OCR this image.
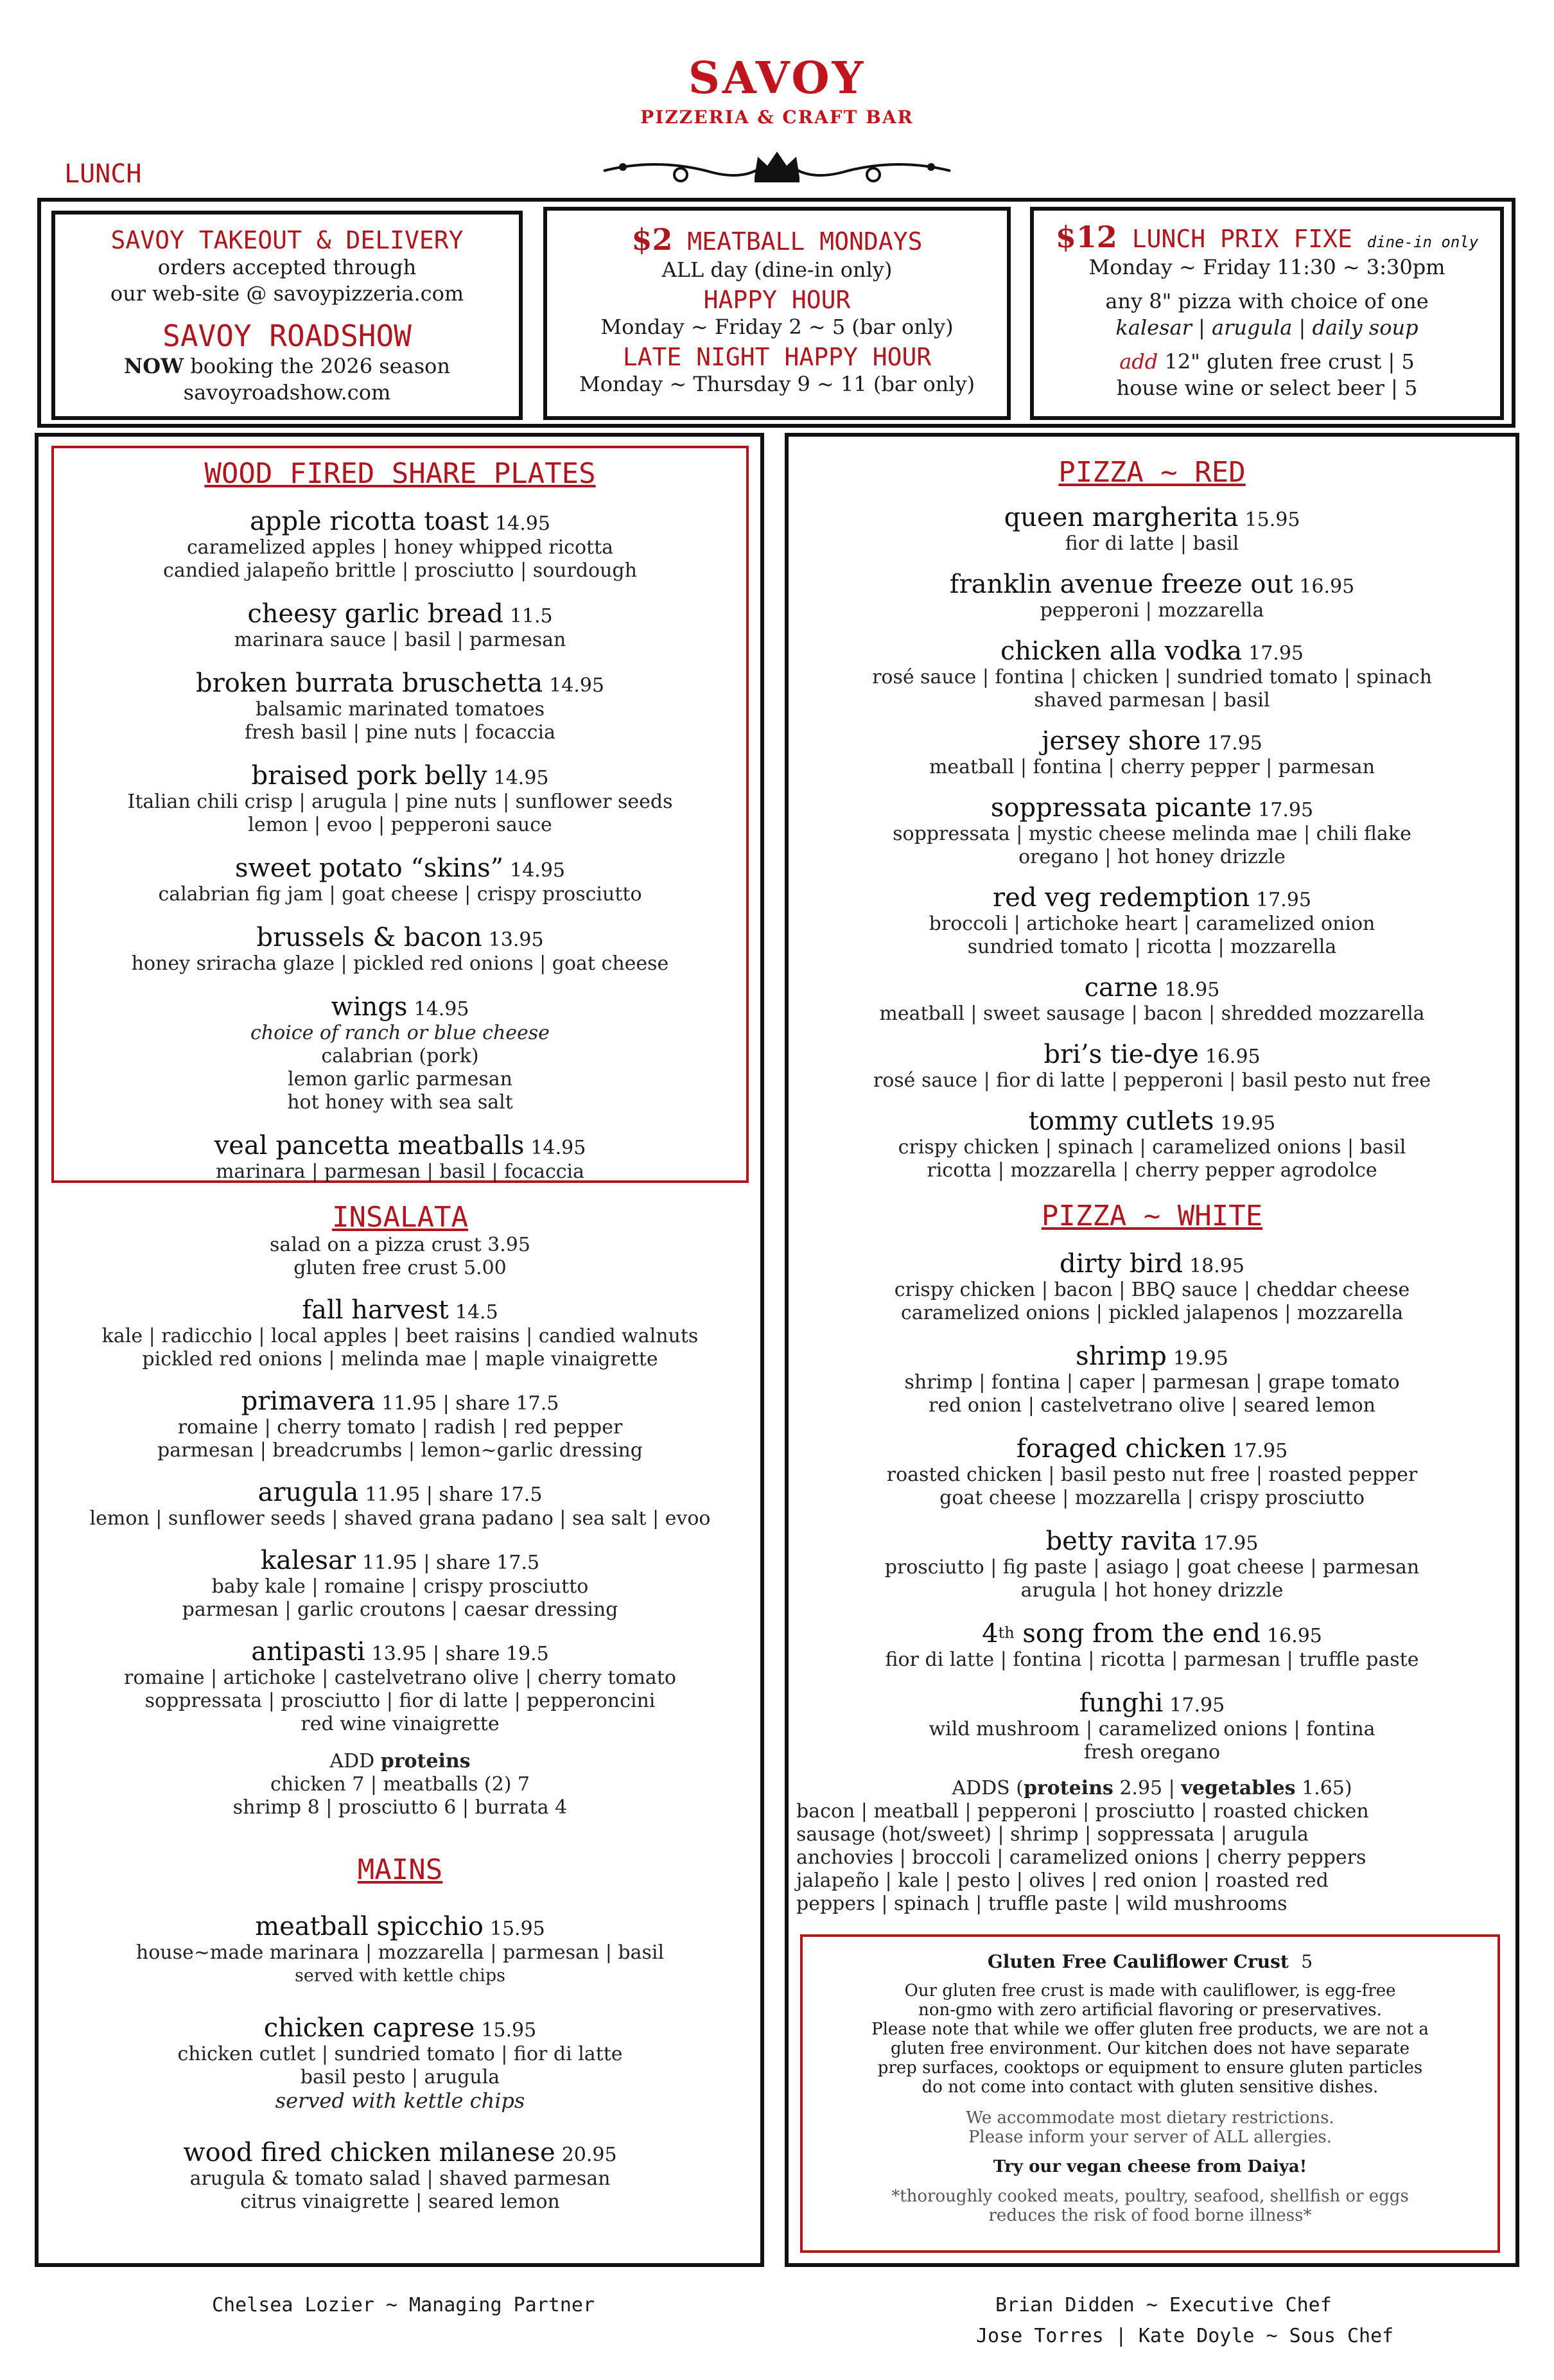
SAVOY
PIZZERIA & CRAFT BAR
LUNCH
SAVOY TAKEOUT & DELIVERY
orders accepted through
our web-site @ savoypizzeria.com
SAVOY ROADSHOW
NOW booking the 2026 season
savoyroadshow.com
$2 MEATBALL MONDAYS
ALL day (dine-in only)
HAPPY HOUR
Monday ~ Friday 2 ~ 5 (bar only)
LATE NIGHT HAPPY HOUR
Monday ~ Thursday 9 ~ 11 (bar only)
$12 LUNCH PRIX FIXE dine-in only
Monday ~ Friday 11:30 ~ 3:30pm
any 8" pizza with choice of one
kalesar | arugula | daily soup
add 12" gluten free crust | 5
house wine or select beer | 5
WOOD FIRED SHARE PLATES
apple ricotta toast 14.95
caramelized apples | honey whipped ricotta
candied jalapeño brittle | prosciutto | sourdough
cheesy garlic bread 11.5
marinara sauce | basil | parmesan
broken burrata bruschetta 14.95
balsamic marinated tomatoes
fresh basil | pine nuts | focaccia
braised pork belly 14.95
Italian chili crisp | arugula | pine nuts | sunflower seeds
lemon | evoo | pepperoni sauce
sweet potato “skins” 14.95
calabrian fig jam | goat cheese | crispy prosciutto
brussels & bacon 13.95
honey sriracha glaze | pickled red onions | goat cheese
wings 14.95
choice of ranch or blue cheese
calabrian (pork)
lemon garlic parmesan
hot honey with sea salt
veal pancetta meatballs 14.95
marinara | parmesan | basil | focaccia
INSALATA
salad on a pizza crust 3.95
gluten free crust 5.00
fall harvest 14.5
kale | radicchio | local apples | beet raisins | candied walnuts
pickled red onions | melinda mae | maple vinaigrette
primavera 11.95 | share 17.5
romaine | cherry tomato | radish | red pepper
parmesan | breadcrumbs | lemon~garlic dressing
arugula 11.95 | share 17.5
lemon | sunflower seeds | shaved grana padano | sea salt | evoo
kalesar 11.95 | share 17.5
baby kale | romaine | crispy prosciutto
parmesan | garlic croutons | caesar dressing
antipasti 13.95 | share 19.5
romaine | artichoke | castelvetrano olive | cherry tomato
soppressata | prosciutto | fior di latte | pepperoncini
red wine vinaigrette
ADD proteins
chicken 7 | meatballs (2) 7
shrimp 8 | prosciutto 6 | burrata 4
MAINS
meatball spicchio 15.95
house~made marinara | mozzarella | parmesan | basil
served with kettle chips
chicken caprese 15.95
chicken cutlet | sundried tomato | fior di latte
basil pesto | arugula
served with kettle chips
wood fired chicken milanese 20.95
arugula & tomato salad | shaved parmesan
citrus vinaigrette | seared lemon
PIZZA ~ RED
queen margherita 15.95
fior di latte | basil
franklin avenue freeze out 16.95
pepperoni | mozzarella
chicken alla vodka 17.95
rosé sauce | fontina | chicken | sundried tomato | spinach
shaved parmesan | basil
jersey shore 17.95
meatball | fontina | cherry pepper | parmesan
soppressata picante 17.95
soppressata | mystic cheese melinda mae | chili flake
oregano | hot honey drizzle
red veg redemption 17.95
broccoli | artichoke heart | caramelized onion
sundried tomato | ricotta | mozzarella
carne 18.95
meatball | sweet sausage | bacon | shredded mozzarella
bri’s tie-dye 16.95
rosé sauce | fior di latte | pepperoni | basil pesto nut free
tommy cutlets 19.95
crispy chicken | spinach | caramelized onions | basil
ricotta | mozzarella | cherry pepper agrodolce
PIZZA ~ WHITE
dirty bird 18.95
crispy chicken | bacon | BBQ sauce | cheddar cheese
caramelized onions | pickled jalapenos | mozzarella
shrimp 19.95
shrimp | fontina | caper | parmesan | grape tomato
red onion | castelvetrano olive | seared lemon
foraged chicken 17.95
roasted chicken | basil pesto nut free | roasted pepper
goat cheese | mozzarella | crispy prosciutto
betty ravita 17.95
prosciutto | fig paste | asiago | goat cheese | parmesan
arugula | hot honey drizzle
4th song from the end 16.95
fior di latte | fontina | ricotta | parmesan | truffle paste
funghi 17.95
wild mushroom | caramelized onions | fontina
fresh oregano
ADDS (proteins 2.95 | vegetables 1.65)
bacon | meatball | pepperoni | prosciutto | roasted chicken
sausage (hot/sweet) | shrimp | soppressata | arugula
anchovies | broccoli | caramelized onions | cherry peppers
jalapeño | kale | pesto | olives | red onion | roasted red
peppers | spinach | truffle paste | wild mushrooms
Gluten Free Cauliflower Crust 5
Our gluten free crust is made with cauliflower, is egg-free
non-gmo with zero artificial flavoring or preservatives.
Please note that while we offer gluten free products, we are not a
gluten free environment. Our kitchen does not have separate
prep surfaces, cooktops or equipment to ensure gluten particles
do not come into contact with gluten sensitive dishes.
We accommodate most dietary restrictions.
Please inform your server of ALL allergies.
Try our vegan cheese from Daiya!
*thoroughly cooked meats, poultry, seafood, shellfish or eggs
reduces the risk of food borne illness*
Chelsea Lozier ~ Managing Partner	Brian Didden ~ Executive Chef
Jose Torres | Kate Doyle ~ Sous Chef
